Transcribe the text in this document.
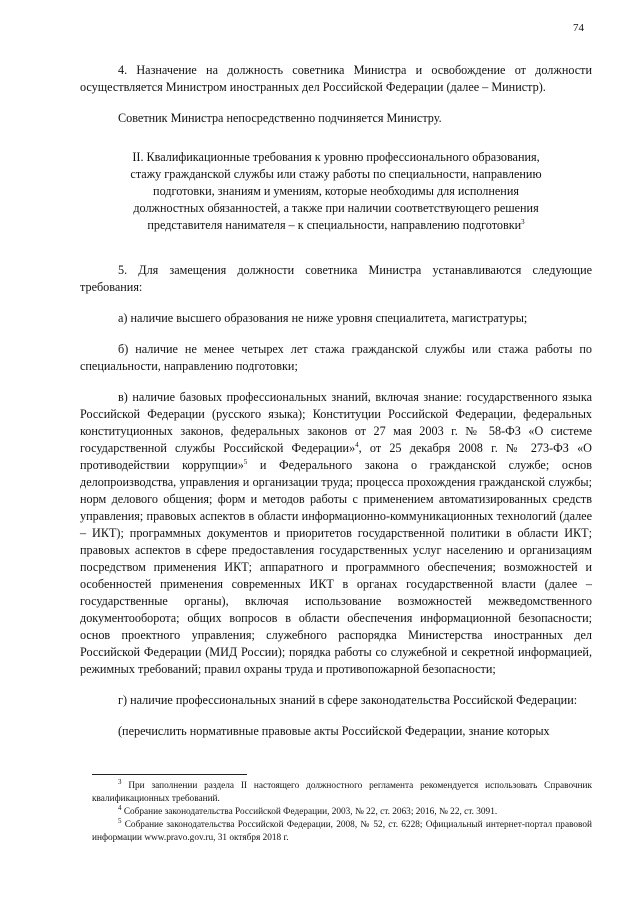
74

4. Назначение на должность советника Министра и освобождение от должности осуществляется Министром иностранных дел Российской Федерации (далее – Министр).

Советник Министра непосредственно подчиняется Министру.

II. Квалификационные требования к уровню профессионального образования, стажу гражданской службы или стажу работы по специальности, направлению подготовки, знаниям и умениям, которые необходимы для исполнения должностных обязанностей, а также при наличии соответствующего решения представителя нанимателя – к специальности, направлению подготовки$^3$

5. Для замещения должности советника Министра устанавливаются следующие требования:

а) наличие высшего образования не ниже уровня специалитета, магистратуры;

б) наличие не менее четырех лет стажа гражданской службы или стажа работы по специальности, направлению подготовки;

в) наличие базовых профессиональных знаний, включая знание: государственного языка Российской Федерации (русского языка); Конституции Российской Федерации, федеральных конституционных законов, федеральных законов от 27 мая 2003 г. № 58-ФЗ «О системе государственной службы Российской Федерации»$^4$, от 25 декабря 2008 г. № 273-ФЗ «О противодействии коррупции»$^5$ и Федерального закона о гражданской службе; основ делопроизводства, управления и организации труда; процесса прохождения гражданской службы; норм делового общения; форм и методов работы с применением автоматизированных средств управления; правовых аспектов в области информационно-коммуникационных технологий (далее – ИКТ); программных документов и приоритетов государственной политики в области ИКТ; правовых аспектов в сфере предоставления государственных услуг населению и организациям посредством применения ИКТ; аппаратного и программного обеспечения; возможностей и особенностей применения современных ИКТ в органах государственной власти (далее – государственные органы), включая использование возможностей межведомственного документооборота; общих вопросов в области обеспечения информационной безопасности; основ проектного управления; служебного распорядка Министерства иностранных дел Российской Федерации (МИД России); порядка работы со служебной и секретной информацией, режимных требований; правил охраны труда и противопожарной безопасности;

г) наличие профессиональных знаний в сфере законодательства Российской Федерации:

(перечислить нормативные правовые акты Российской Федерации, знание которых

$^3$ При заполнении раздела II настоящего должностного регламента рекомендуется использовать Справочник квалификационных требований.

$^4$ Собрание законодательства Российской Федерации, 2003, № 22, ст. 2063; 2016, № 22, ст. 3091.

$^5$ Собрание законодательства Российской Федерации, 2008, № 52, ст. 6228; Официальный интернет-портал правовой информации www.pravo.gov.ru, 31 октября 2018 г.
